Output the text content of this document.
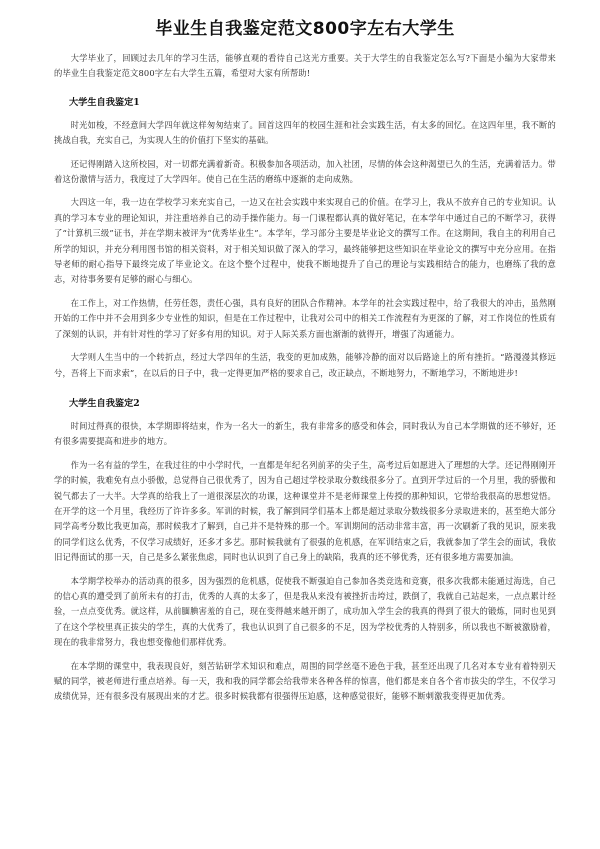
毕业生自我鉴定范文800字左右大学生

大学毕业了，回顾过去几年的学习生活，能够直观的看待自己这光方重要。关于大学生的自我鉴定怎么写?下面是小编为大家带来的毕业生自我鉴定范文800字左右大学生五篇，希望对大家有所帮助!

大学生自我鉴定1

时光如梭，不经意间大学四年就这样匆匆结束了。回首这四年的校园生涯和社会实践生活，有太多的回忆。在这四年里，我不断的挑战自我，充实自己，为实现人生的价值打下坚实的基础。

还记得刚踏入这所校园，对一切都充满着新奇。积极参加各项活动，加入社团，尽情的体会这种渴望已久的生活，充满着活力。带着这份激情与活力，我度过了大学四年。使自己在生活的磨练中逐渐的走向成熟。

大四这一年，我一边在学校学习来充实自己，一边又在社会实践中来实现自己的价值。在学习上，我从不放弃自己的专业知识。认真的学习本专业的理论知识，并注重培养自己的动手操作能力。每一门课程都认真的做好笔记，在本学年中通过自己的不断学习，获得了“计算机三级”证书，并在学期末被评为“优秀毕业生”。本学年，学习部分主要是毕业论文的撰写工作。在这期间，我自主的利用自己所学的知识，并充分利用图书馆的相关资料，对于相关知识做了深入的学习，最终能够把这些知识在毕业论文的撰写中充分应用。在指导老师的耐心指导下最终完成了毕业论文。在这个整个过程中，使我不断地提升了自己的理论与实践相结合的能力，也磨练了我的意志，对待事务要有足够的耐心与细心。

在工作上，对工作热情，任劳任怨，责任心强，具有良好的团队合作精神。本学年的社会实践过程中，给了我很大的冲击，虽然刚开始的工作中并不会用到多少专业性的知识，但是在工作过程中，让我对公司中的相关工作流程有为更深的了解，对工作岗位的性质有了深刻的认识，并有针对性的学习了好多有用的知识。对于人际关系方面也渐渐的就得开，增强了沟通能力。

大学则人生当中的一个转折点，经过大学四年的生活，我变的更加成熟，能够冷静的面对以后路途上的所有挫折。“路漫漫其修远兮，吾将上下而求索”，在以后的日子中，我一定得更加严格的要求自己，改正缺点，不断地努力，不断地学习，不断地进步!

大学生自我鉴定2

时间过得真的很快，本学期即将结束，作为一名大一的新生，我有非常多的感受和体会，同时我认为自己本学期做的还不够好，还有很多需要提高和进步的地方。

作为一名有益的学生，在我过往的中小学时代，一直都是年纪名列前茅的尖子生，高考过后如愿进入了理想的大学。还记得刚刚开学的时候，我难免有点小骄傲，总觉得自己很优秀了，因为自己超过学校录取分数线很多分了。直到开学过后的一个月里，我的骄傲和锐气都去了一大半。大学真的给我上了一道很深层次的功课，这种课堂并不是老师课堂上传授的那种知识，它带给我很高的思想觉悟。在开学的这一个月里，我经历了许许多多。军训的时候，我了解到同学们基本上都是超过录取分数线很多分录取进来的，甚至绝大部分同学高考分数比我更加高，那时候我才了解到，自己并不是特殊的那一个。军训期间的活动非常丰富，再一次刷新了我的见识，原来我的同学们这么优秀，不仅学习成绩好，还多才多艺。那时候我就有了很强的危机感，在军训结束之后，我就参加了学生会的面试，我依旧记得面试的那一天，自己是多么紧张焦虑，同时也认识到了自己身上的缺陷，我真的还不够优秀，还有很多地方需要加油。

本学期学校举办的活动真的很多，因为强烈的危机感，促使我不断强迫自己参加各类竞选和竞赛，很多次我都未能通过海选，自己的信心真的遭受到了前所未有的打击，优秀的人真的太多了，但是我从来没有被挫折击垮过，跌倒了，我就自己站起来，一点点累计经验，一点点变优秀。就这样，从前腼腆害羞的自己，现在变得越来越开朗了，成功加入学生会的我真的得到了很大的锻炼，同时也见到了在这个学校里真正拔尖的学生，真的大优秀了，我也认识到了自己很多的不足，因为学校优秀的人特别多，所以我也不断被激励着，现在的我非常努力，我也想变像他们那样优秀。

在本学期的课堂中，我表现良好，刻苦钻研学术知识和难点，周围的同学丝毫不逊色于我，甚至还出现了几名对本专业有着特别天赋的同学，被老师进行重点培养。每一天，我和我的同学都会给我带来各种各样的惊喜，他们都是来自各个省市拔尖的学生，不仅学习成绩优异，还有很多没有展现出来的才艺。很多时候我都有很强得压迫感，这种感觉很好，能够不断刺激我变得更加优秀。
